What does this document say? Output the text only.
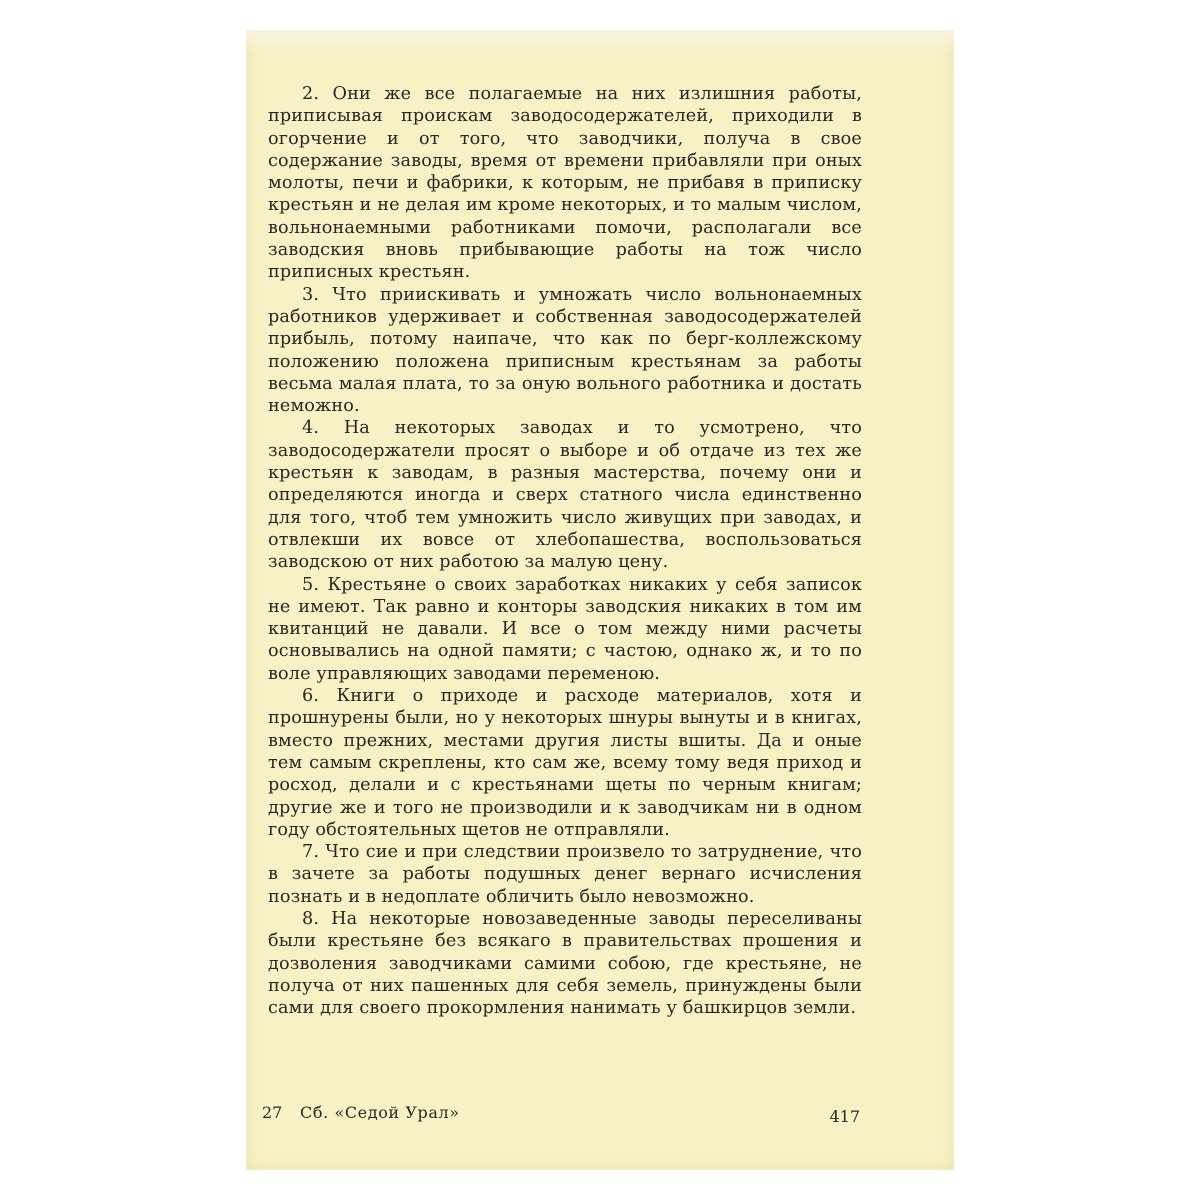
2. Они же все полагаемые на них излишния работы, приписывая проискам заводосодержателей, приходили в огорчение и от того, что заводчики, получа в свое содержание заводы, время от времени прибавляли при оных молоты, печи и фабрики, к которым, не прибавя в приписку крестьян и не делая им кроме некоторых, и то малым числом, вольнонаемными работниками помочи, располагали все заводския вновь прибывающие работы на тож число приписных крестьян.

3. Что приискивать и умножать число вольнонаемных работников удерживает и собственная заводосодержателей прибыль, потому наипаче, что как по берг-коллежскому положению положена приписным крестьянам за работы весьма малая плата, то за оную вольного работника и достать неможно.

4. На некоторых заводах и то усмотрено, что заводосодержатели просят о выборе и об отдаче из тех же крестьян к заводам, в разныя мастерства, почему они и определяются иногда и сверх статного числа единственно для того, чтоб тем умножить число живущих при заводах, и отвлекши их вовсе от хлебопашества, воспользоваться заводскою от них работою за малую цену.

5. Крестьяне о своих заработках никаких у себя записок не имеют. Так равно и конторы заводския никаких в том им квитанций не давали. И все о том между ними расчеты основывались на одной памяти; с частою, однако ж, и то по воле управляющих заводами переменою.

6. Книги о приходе и расходе материалов, хотя и прошнурены были, но у некоторых шнуры вынуты и в книгах, вместо прежних, местами другия листы вшиты. Да и оные тем самым скреплены, кто сам же, всему тому ведя приход и росход, делали и с крестьянами щеты по черным книгам; другие же и того не производили и к заводчикам ни в одном году обстоятельных щетов не отправляли.

7. Что сие и при следствии произвело то затруднение, что в зачете за работы подушных денег вернаго исчисления познать и в недоплате обличить было невозможно.

8. На некоторые новозаведенные заводы переселиваны были крестьяне без всякаго в правительствах прошения и дозволения заводчиками самими собою, где крестьяне, не получа от них пашенных для себя земель, принуждены были сами для своего прокормления нанимать у башкирцов земли.

27 Сб. «Седой Урал»	417
